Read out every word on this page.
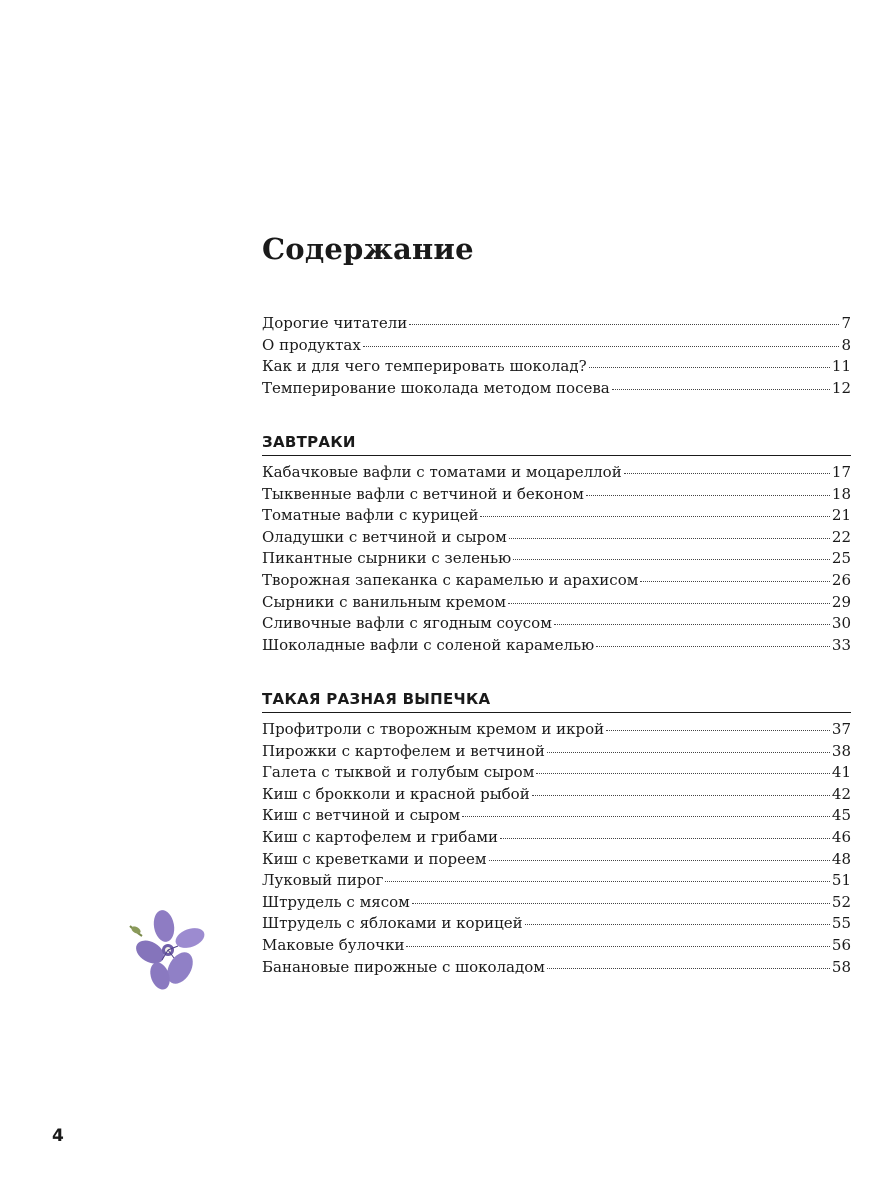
Содержание
Дорогие читатели	7
О продуктах	8
Как и для чего темперировать шоколад?	11
Темперирование шоколада методом посева	12
ЗАВТРАКИ
Кабачковые вафли с томатами и моцареллой	17
Тыквенные вафли с ветчиной и беконом	18
Томатные вафли с курицей	21
Оладушки с ветчиной и сыром	22
Пикантные сырники с зеленью	25
Творожная запеканка с карамелью и арахисом	26
Сырники с ванильным кремом	29
Сливочные вафли с ягодным соусом	30
Шоколадные вафли с соленой карамелью	33
ТАКАЯ РАЗНАЯ ВЫПЕЧКА
Профитроли с творожным кремом и икрой	37
Пирожки с картофелем и ветчиной	38
Галета с тыквой и голубым сыром	41
Киш с брокколи и красной рыбой	42
Киш с ветчиной и сыром	45
Киш с картофелем и грибами	46
Киш с креветками и пореем	48
Луковый пирог	51
Штрудель с мясом	52
Штрудель с яблоками и корицей	55
Маковые булочки	56
Банановые пирожные с шоколадом	58
4
